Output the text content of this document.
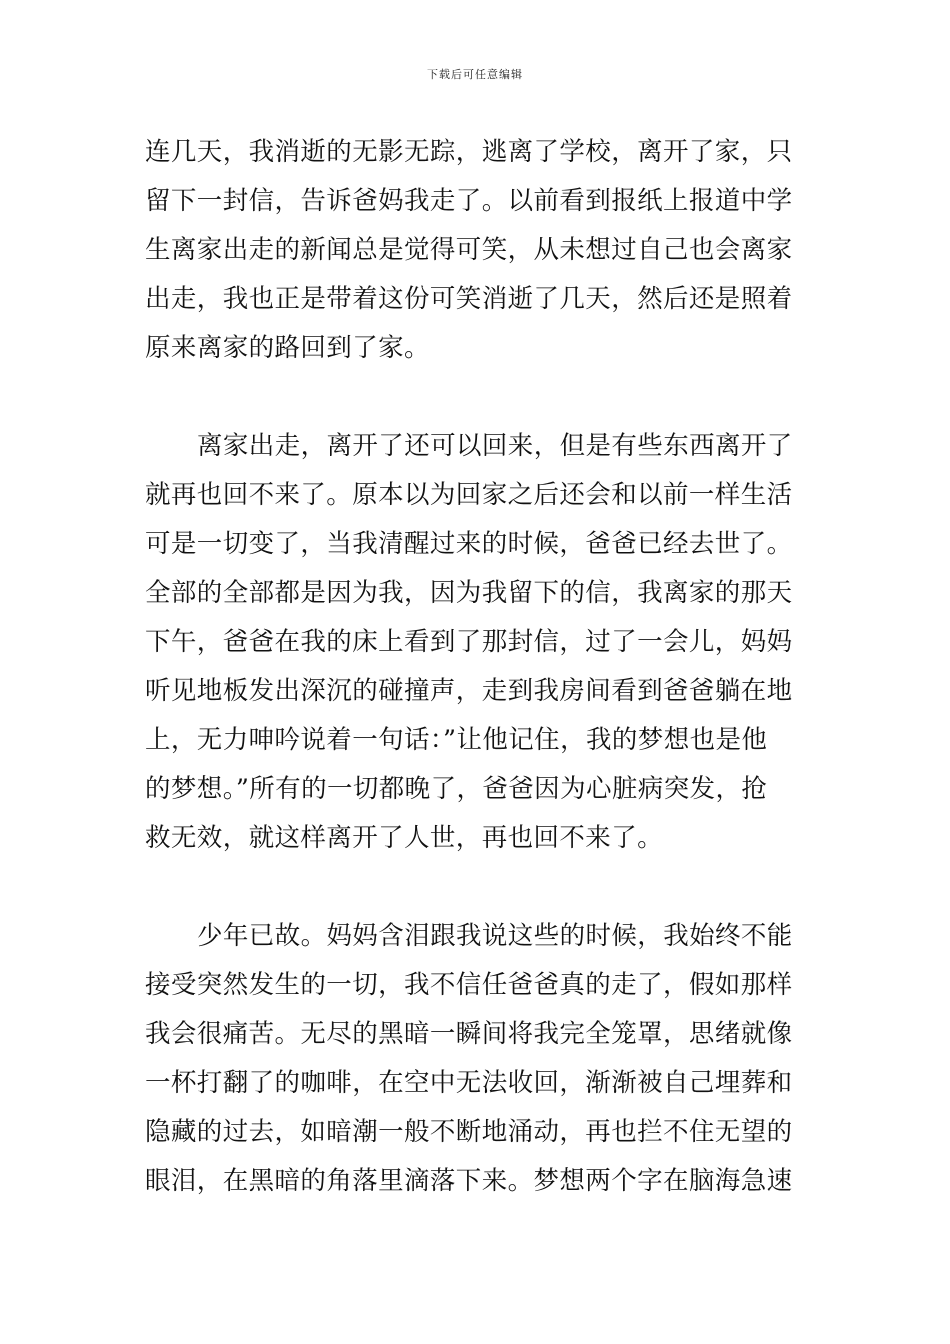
下载后可任意编辑
连几天，我消逝的无影无踪，逃离了学校，离开了家，只
留下一封信，告诉爸妈我走了。以前看到报纸上报道中学
生离家出走的新闻总是觉得可笑，从未想过自己也会离家
出走，我也正是带着这份可笑消逝了几天，然后还是照着
原来离家的路回到了家。
离家出走，离开了还可以回来，但是有些东西离开了
就再也回不来了。原本以为回家之后还会和以前一样生活
可是一切变了，当我清醒过来的时候，爸爸已经去世了。
全部的全部都是因为我，因为我留下的信，我离家的那天
下午，爸爸在我的床上看到了那封信，过了一会儿，妈妈
听见地板发出深沉的碰撞声，走到我房间看到爸爸躺在地
上，无力呻吟说着一句话：”让他记住，我的梦想也是他
的梦想。”所有的一切都晚了，爸爸因为心脏病突发，抢
救无效，就这样离开了人世，再也回不来了。
少年已故。妈妈含泪跟我说这些的时候，我始终不能
接受突然发生的一切，我不信任爸爸真的走了，假如那样
我会很痛苦。无尽的黑暗一瞬间将我完全笼罩，思绪就像
一杯打翻了的咖啡，在空中无法收回，渐渐被自己埋葬和
隐藏的过去，如暗潮一般不断地涌动，再也拦不住无望的
眼泪，在黑暗的角落里滴落下来。梦想两个字在脑海急速
